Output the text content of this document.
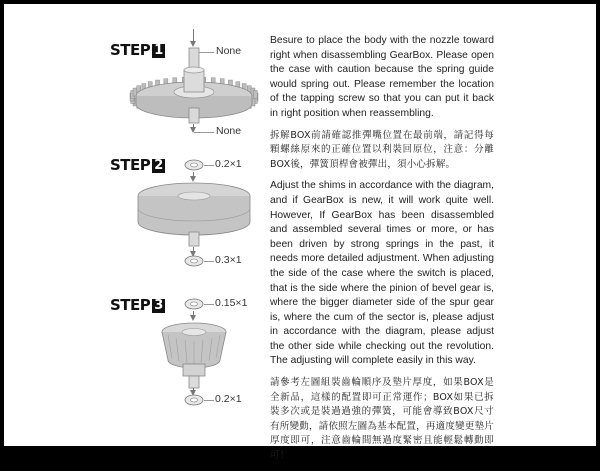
STEP 1	None
None
STEP 2	0.2×1
0.3×1
STEP 3	0.15×1
0.2×1

Besure to place the body with the nozzle toward right when disassembling GearBox. Please open the case with caution because the spring guide would spring out. Please remember the location of the tapping screw so that you can put it back in right position when reassembling.

拆解BOX前請確認推彈嘴位置在最前端，請記得每顆螺絲原來的正確位置以利裝回原位，注意：分離BOX後，彈簧頂桿會被彈出，須小心拆解。

Adjust the shims in accordance with the diagram, and if GearBox is new, it will work quite well. However, If GearBox has been disassembled and assembled several times or more, or has been driven by strong springs in the past, it needs more detailed adjustment. When adjusting the side of the case where the switch is placed, that is the side where the pinion of bevel gear is, where the bigger diameter side of the spur gear is, where the cum of the sector is, please adjust in accordance with the diagram, please adjust the other side while checking out the revolution. The adjusting will complete easily in this way.

請參考左圖組裝齒輪順序及墊片厚度，如果BOX是全新品，這樣的配置即可正常運作；BOX如果已拆裝多次或是裝過過強的彈簧，可能會導致BOX尺寸有所變動，請依照左圖為基本配置，再適度變更墊片厚度即可，注意齒輪間無過度緊密且能輕鬆轉動即可！
